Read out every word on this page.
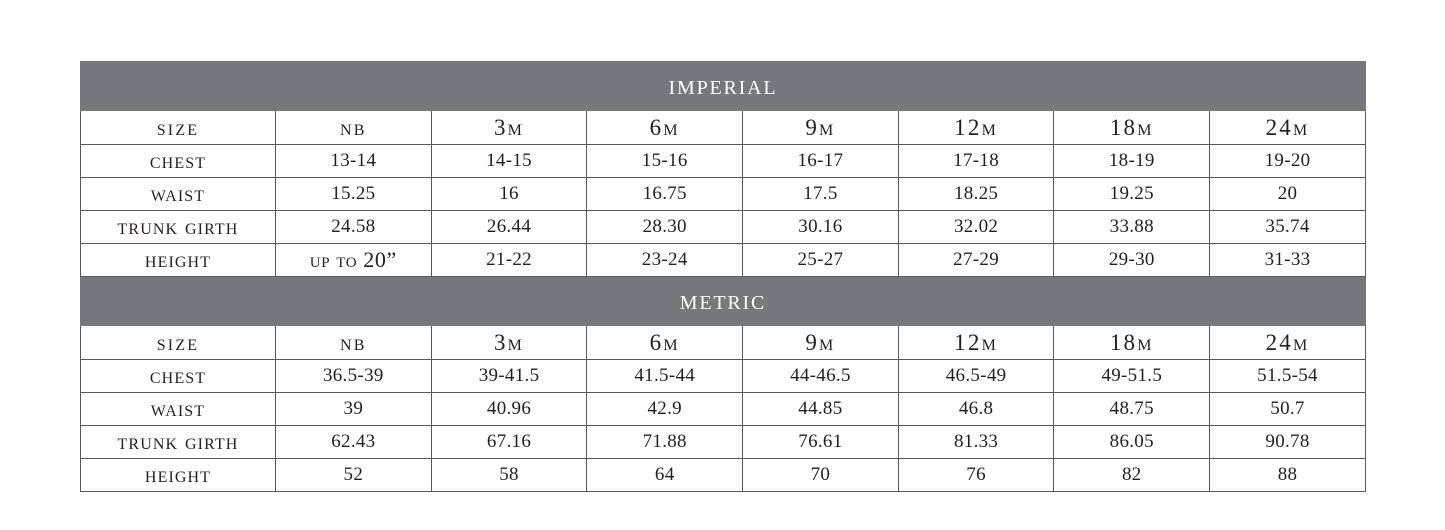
imperial							
size	nb	3m	6m	9m	12m	18m	24m
chest	13-14	14-15	15-16	16-17	17-18	18-19	19-20
waist	15.25	16	16.75	17.5	18.25	19.25	20
trunk girth	24.58	26.44	28.30	30.16	32.02	33.88	35.74
height	up to 20”	21-22	23-24	25-27	27-29	29-30	31-33
metric							
size	nb	3m	6m	9m	12m	18m	24m
chest	36.5-39	39-41.5	41.5-44	44-46.5	46.5-49	49-51.5	51.5-54
waist	39	40.96	42.9	44.85	46.8	48.75	50.7
trunk girth	62.43	67.16	71.88	76.61	81.33	86.05	90.78
height	52	58	64	70	76	82	88
